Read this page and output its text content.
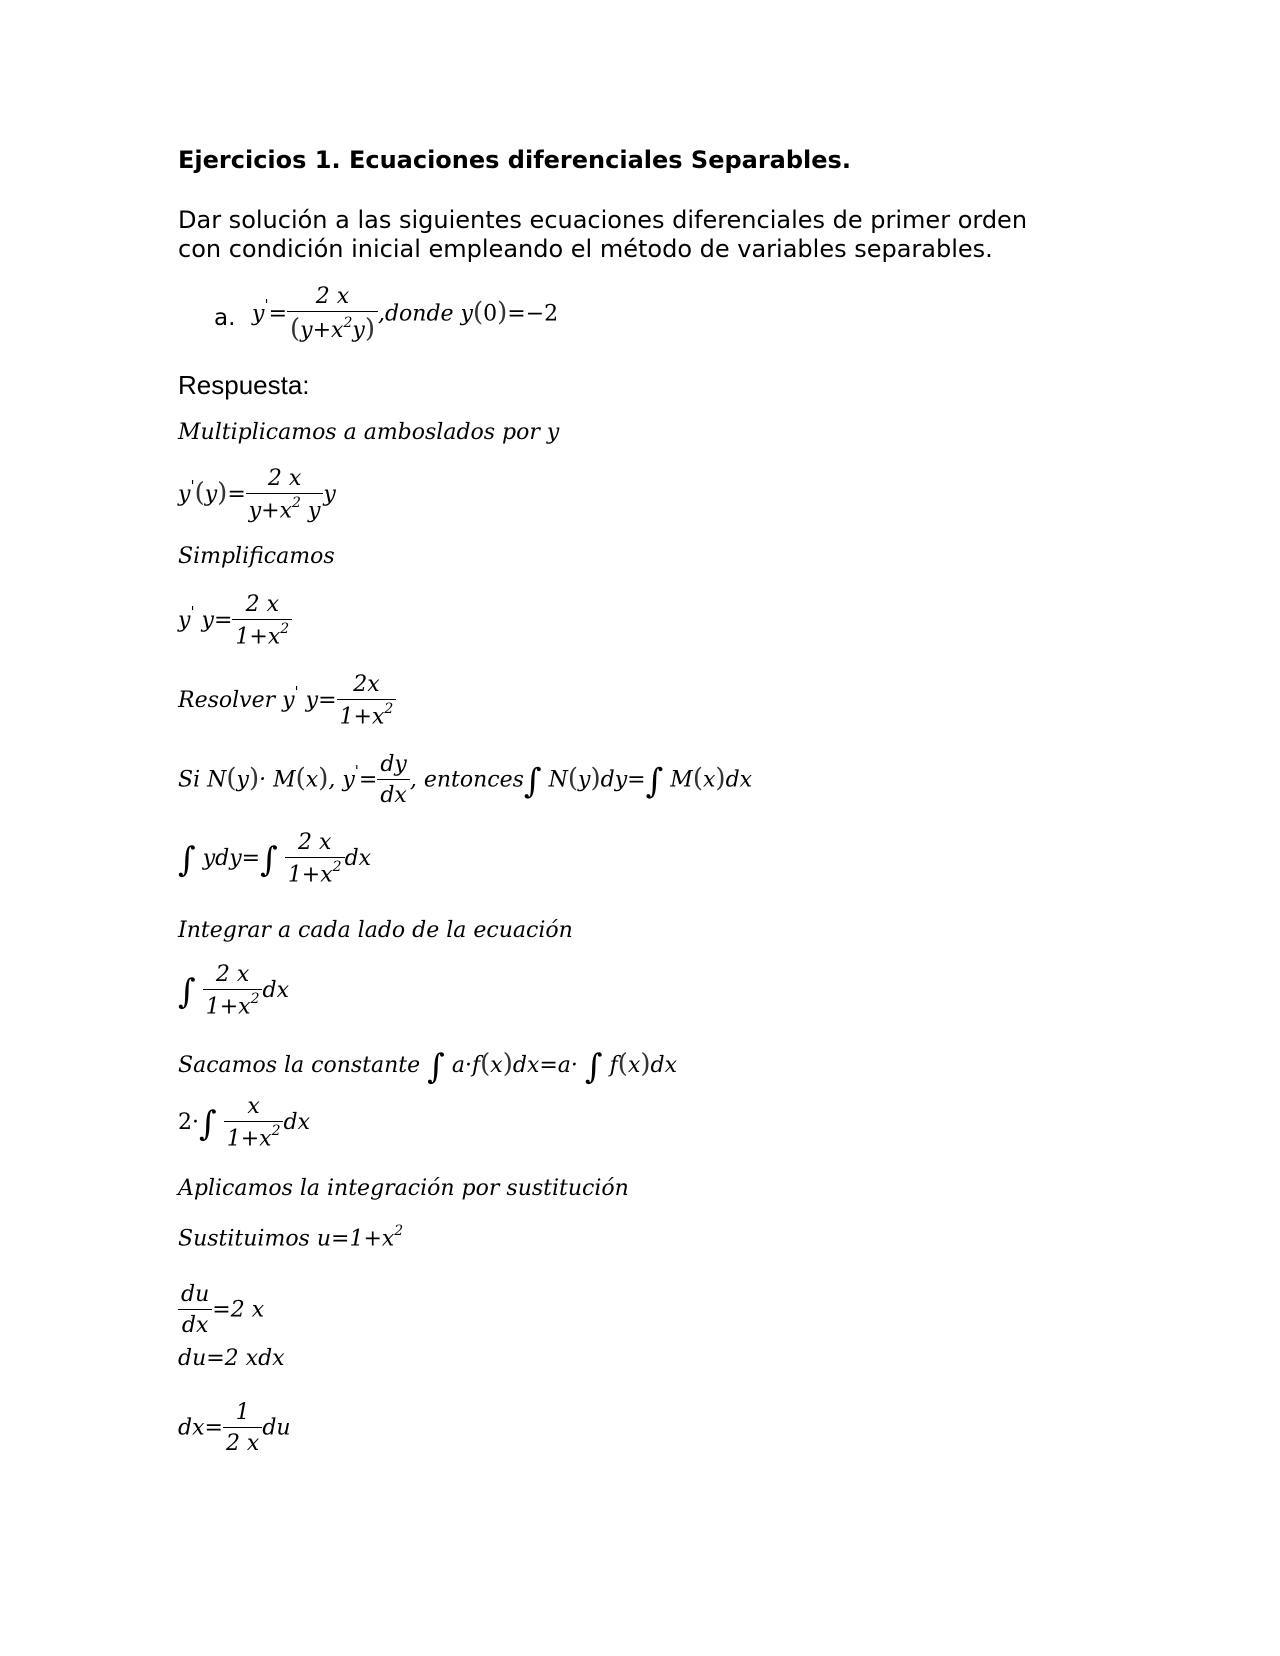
Ejercicios 1. Ecuaciones diferenciales Separables.
Dar solución a las siguientes ecuaciones diferenciales de primer orden
con condición inicial empleando el método de variables separables.
a. $y'= \frac{2 x}{(y+x^2y)}$ ,donde y(0)=−2
Respuesta:
Multiplicamos a amboslados por y
$y'(y)= \frac{2 x}{y+x^2 y}$ y
Simplificamos
y' $y= \frac{2 x}{1+x^2}$
Resolver y' $y= \frac{2x}{1+x^2}$
Si N(y)· M(x), $y'= \frac{dy}{dx}$ , entonces∫ N(y)dy=∫ M(x)dx
∫ $ydy=\int \frac{2 x}{1+x^2}$ dx
Integrar a cada lado de la ecuación
∫ $\frac{2 x}{1+x^2}$ dx
Sacamos la constante ∫ a·f(x)dx=a· ∫ f(x)dx
$2\cdot\int \frac{x}{1+x^2}$ dx
Aplicamos la integración por sustitución
Sustituimos $u=1+x^2$
$\frac{du}{dx} =2$ x
du=2 xdx
$dx= \frac{1}{2 x}$ du
